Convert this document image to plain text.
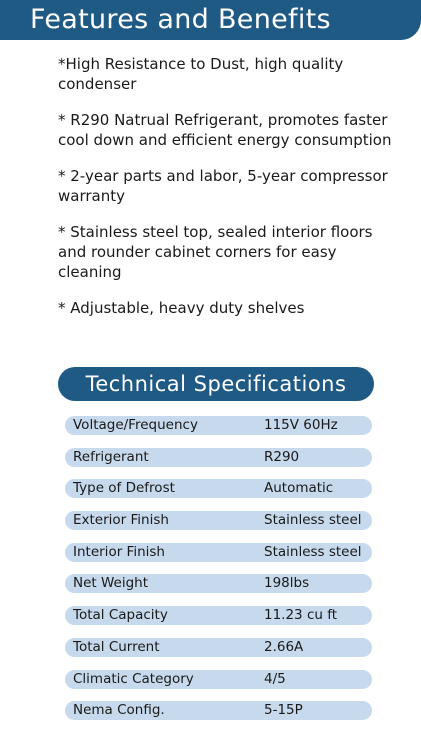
Features and Benefits
*High Resistance to Dust, high quality condenser
* R290 Natrual Refrigerant, promotes faster cool down and efficient energy consumption
* 2-year parts and labor, 5-year compressor warranty
* Stainless steel top, sealed interior floors and rounder cabinet corners for easy cleaning
* Adjustable, heavy duty shelves
Technical Specifications
Voltage/Frequency	115V 60Hz
Refrigerant	R290
Type of Defrost	Automatic
Exterior Finish	Stainless steel
Interior Finish	Stainless steel
Net Weight	198lbs
Total Capacity	11.23 cu ft
Total Current	2.66A
Climatic Category	4/5
Nema Config.	5-15P
